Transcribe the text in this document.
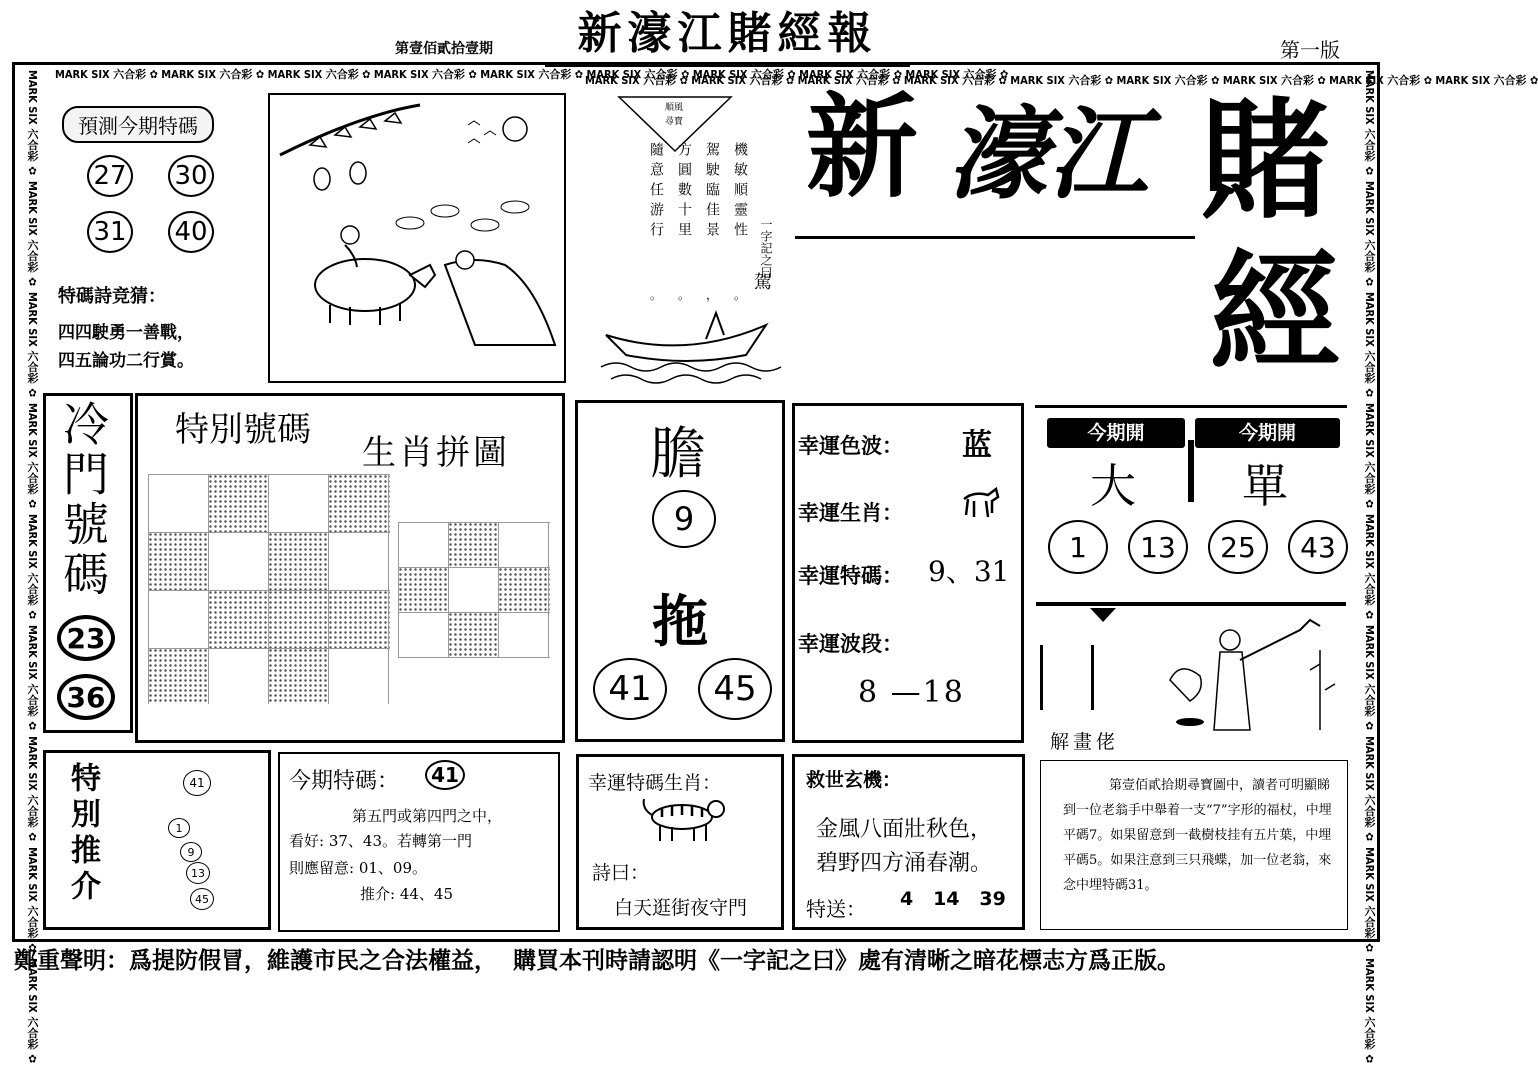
第壹佰貳拾壹期	新濠江賭經報	第一版
MARK SIX 六合彩 ✿ MARK SIX 六合彩 ✿ MARK SIX 六合彩 ✿ MARK SIX 六合彩 ✿ MARK SIX 六合彩 ✿ MARK SIX 六合彩 ✿ MARK SIX 六合彩 ✿ MARK SIX 六合彩 ✿ MARK SIX 六合彩 ✿
MARK SIX 六合彩 ✿ MARK SIX 六合彩 ✿ MARK SIX 六合彩 ✿ MARK SIX 六合彩 ✿ MARK SIX 六合彩 ✿ MARK SIX 六合彩 ✿ MARK SIX 六合彩 ✿ MARK SIX 六合彩 ✿ MARK SIX 六合彩 ✿
MARK SIX 六合彩 ✿ MARK SIX 六合彩 ✿ MARK SIX 六合彩 ✿ MARK SIX 六合彩 ✿ MARK SIX 六合彩 ✿ MARK SIX 六合彩 ✿ MARK SIX 六合彩 ✿ MARK SIX 六合彩 ✿ MARK SIX 六合彩 ✿	MARK SIX 六合彩 ✿ MARK SIX 六合彩 ✿ MARK SIX 六合彩 ✿ MARK SIX 六合彩 ✿ MARK SIX 六合彩 ✿ MARK SIX 六合彩 ✿ MARK SIX 六合彩 ✿ MARK SIX 六合彩 ✿ MARK SIX 六合彩 ✿
預測今期特碼
27 30
31 40
特碼詩竞猜：
四四駛勇一善戰，
四五論功二行賞。
順風
尋寶
機敏順靈性
駕駛臨佳景
方圓數十里
隨意任游行
。
，
。
。
一字記之曰
駕
新 濠江 賭
經
冷門號碼
23
36
特別號碼
生肖拼圖	膽
9
拖
41	45
幸運色波： 蓝
幸運生肖：
幸運特碼： 9、31
幸運波段：
8 —18
今期開	今期開
大 單
1	13	25	43
解畫佬
第壹佰貳拾期尋寶圖中，讀者可明顯睇到一位老翁手中舉着一支“7”字形的福杖，中埋平碼7。如果留意到一截樹枝挂有五片葉，中埋平碼5。如果注意到三只飛蝶，加一位老翁，來念中埋特碼31。
特別推介	41
1
9
13
45
今期特碼：	41
第五門或第四門之中，
看好: 37、43。若轉第一門
則應留意: 01、09。
推介: 44、45
幸運特碼生肖：
詩曰：
白天逛街夜守門
救世玄機：
金風八面壯秋色，
碧野四方涌春潮。
特送： 4   14   39
鄭重聲明：爲提防假冒，維護市民之合法權益，  購買本刊時請認明《一字記之曰》處有清晰之暗花標志方爲正版。
